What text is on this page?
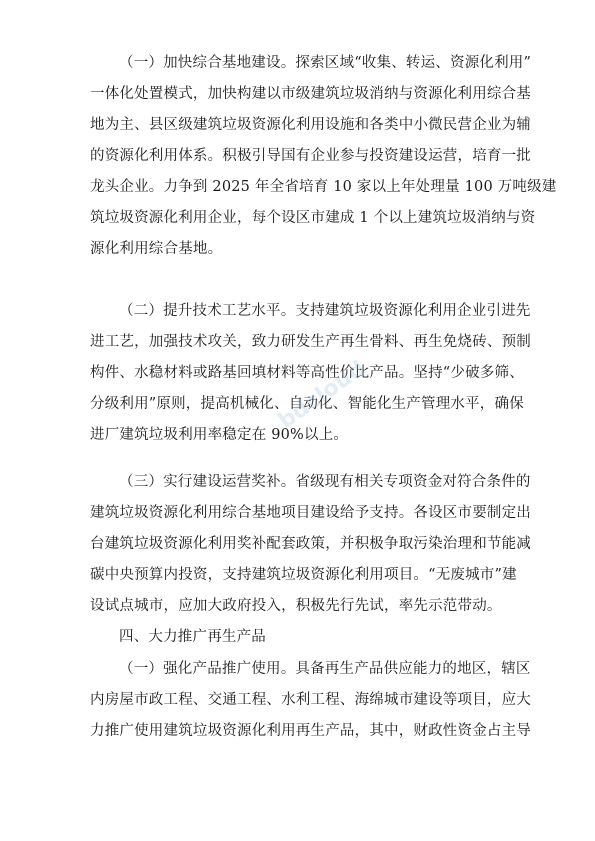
（一）加快综合基地建设。探索区域“收集、转运、资源化利用”
一体化处置模式，加快构建以市级建筑垃圾消纳与资源化利用综合基
地为主、县区级建筑垃圾资源化利用设施和各类中小微民营企业为辅
的资源化利用体系。积极引导国有企业参与投资建设运营，培育一批
龙头企业。力争到 2025 年全省培育 10 家以上年处理量 100 万吨级建
筑垃圾资源化利用企业，每个设区市建成 1 个以上建筑垃圾消纳与资
源化利用综合基地。
（二）提升技术工艺水平。支持建筑垃圾资源化利用企业引进先
进工艺，加强技术攻关，致力研发生产再生骨料、再生免烧砖、预制
构件、水稳材料或路基回填材料等高性价比产品。坚持“少破多筛、
分级利用”原则，提高机械化、自动化、智能化生产管理水平，确保
进厂建筑垃圾利用率稳定在 90%以上。
（三）实行建设运营奖补。省级现有相关专项资金对符合条件的
建筑垃圾资源化利用综合基地项目建设给予支持。各设区市要制定出
台建筑垃圾资源化利用奖补配套政策，并积极争取污染治理和节能减
碳中央预算内投资，支持建筑垃圾资源化利用项目。“无废城市”建
设试点城市，应加大政府投入，积极先行先试，率先示范带动。
四、大力推广再生产品
（一）强化产品推广使用。具备再生产品供应能力的地区，辖区
内房屋市政工程、交通工程、水利工程、海绵城市建设等项目，应大
力推广使用建筑垃圾资源化利用再生产品，其中，财政性资金占主导
bdcloud
